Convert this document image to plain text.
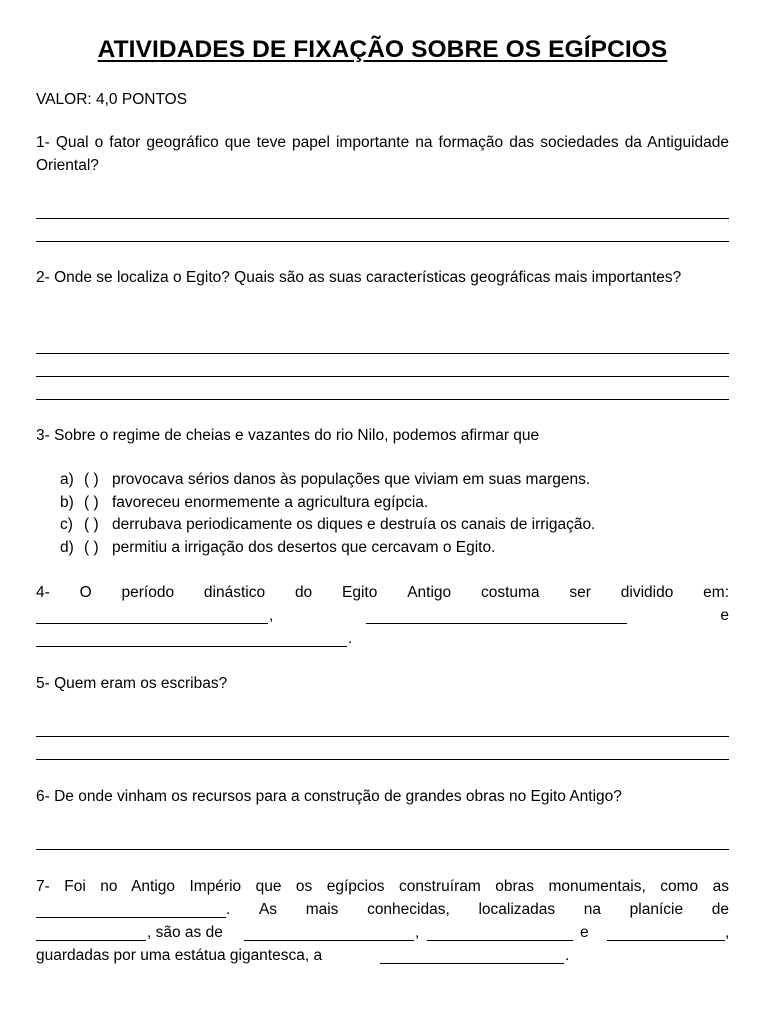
ATIVIDADES DE FIXAÇÃO SOBRE OS EGÍPCIOS

VALOR: 4,0 PONTOS

1- Qual o fator geográfico que teve papel importante na formação das sociedades da Antiguidade Oriental?

2- Onde se localiza o Egito? Quais são as suas características geográficas mais importantes?

3- Sobre o regime de cheias e vazantes do rio Nilo, podemos afirmar que

a) ( ) provocava sérios danos às populações que viviam em suas margens.
b) ( ) favoreceu enormemente a agricultura egípcia.
c) ( ) derrubava periodicamente os diques e destruía os canais de irrigação.
d) ( ) permitiu a irrigação dos desertos que cercavam o Egito.
4- O período dinástico do Egito Antigo costuma ser dividido em:
,	e
.

5- Quem eram os escribas?

6- De onde vinham os recursos para a construção de grandes obras no Egito Antigo?

7- Foi no Antigo Império que os egípcios construíram obras monumentais, como as
. As mais conhecidas, localizadas na planície de
, são as de	,	e	,
guardadas por uma estátua gigantesca, a	.
